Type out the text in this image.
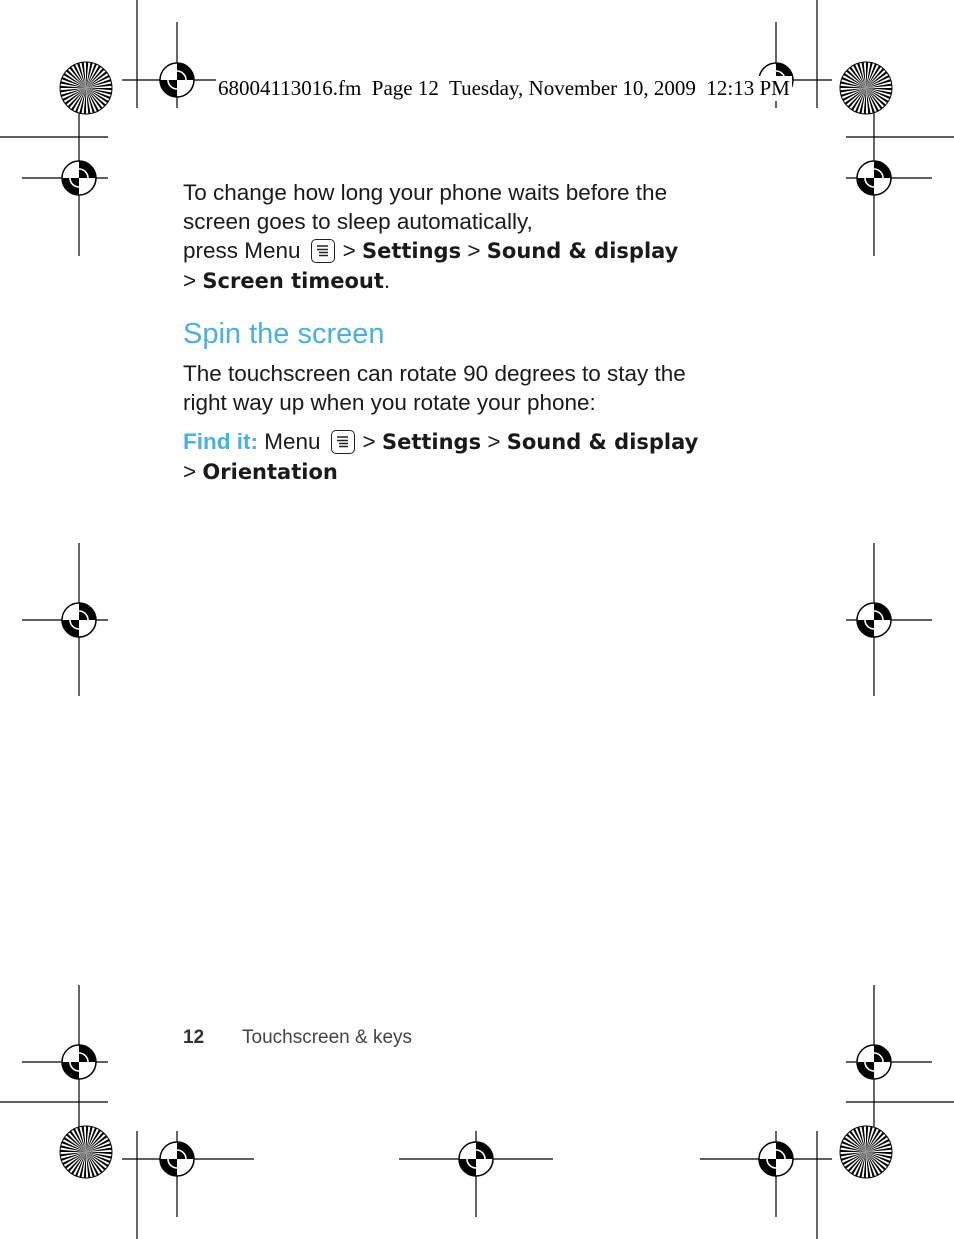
68004113016.fm  Page 12  Tuesday, November 10, 2009  12:13 PM
To change how long your phone waits before the
screen goes to sleep automatically,
press Menu > Settings > Sound & display
> Screen timeout.
Spin the screen
The touchscreen can rotate 90 degrees to stay the
right way up when you rotate your phone:
Find it: Menu > Settings > Sound & display
> Orientation
12 Touchscreen & keys
